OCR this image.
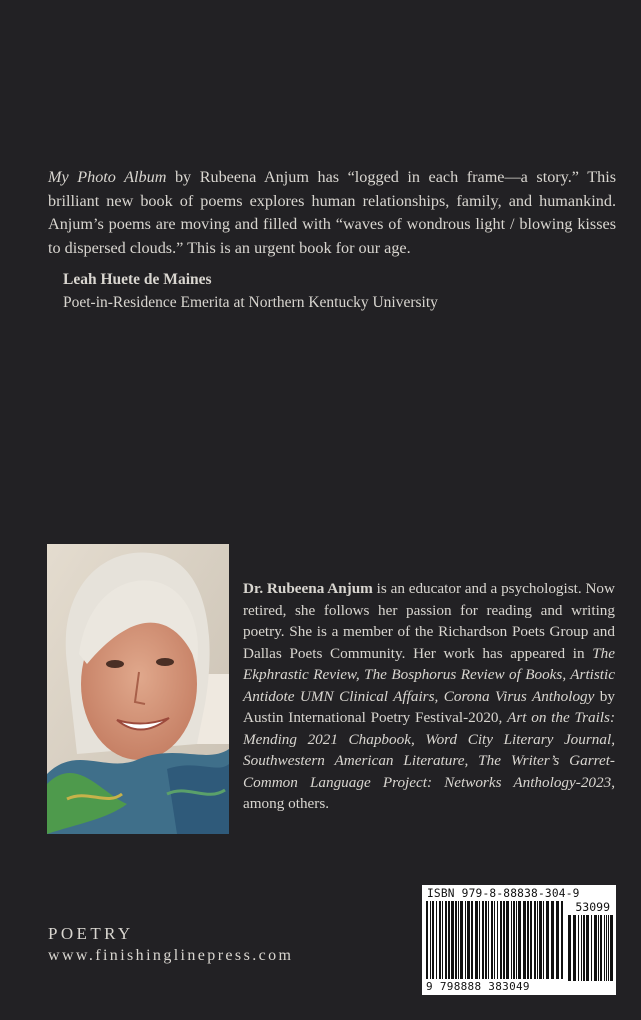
My Photo Album by Rubeena Anjum has “logged in each frame—a story.” This brilliant new book of poems explores human relationships, family, and humankind. Anjum’s poems are moving and filled with “waves of wondrous light / blowing kisses to dispersed clouds.” This is an urgent book for our age.

Leah Huete de Maines
Poet-in-Residence Emerita at Northern Kentucky University

Dr. Rubeena Anjum is an educator and a psychologist. Now retired, she follows her passion for reading and writing poetry. She is a member of the Richardson Poets Group and Dallas Poets Community. Her work has appeared in The Ekphrastic Review, The Bosphorus Review of Books, Artistic Antidote UMN Clinical Affairs, Corona Virus Anthology by Austin International Poetry Festival-2020, Art on the Trails: Mending 2021 Chapbook, Word City Literary Journal, Southwestern American Literature, The Writer’s Garret-Common Language Project: Networks Anthology-2023, among others.

POETRY
www.finishinglinepress.com
ISBN 979-8-88838-304-9
53099
9 798888 383049
